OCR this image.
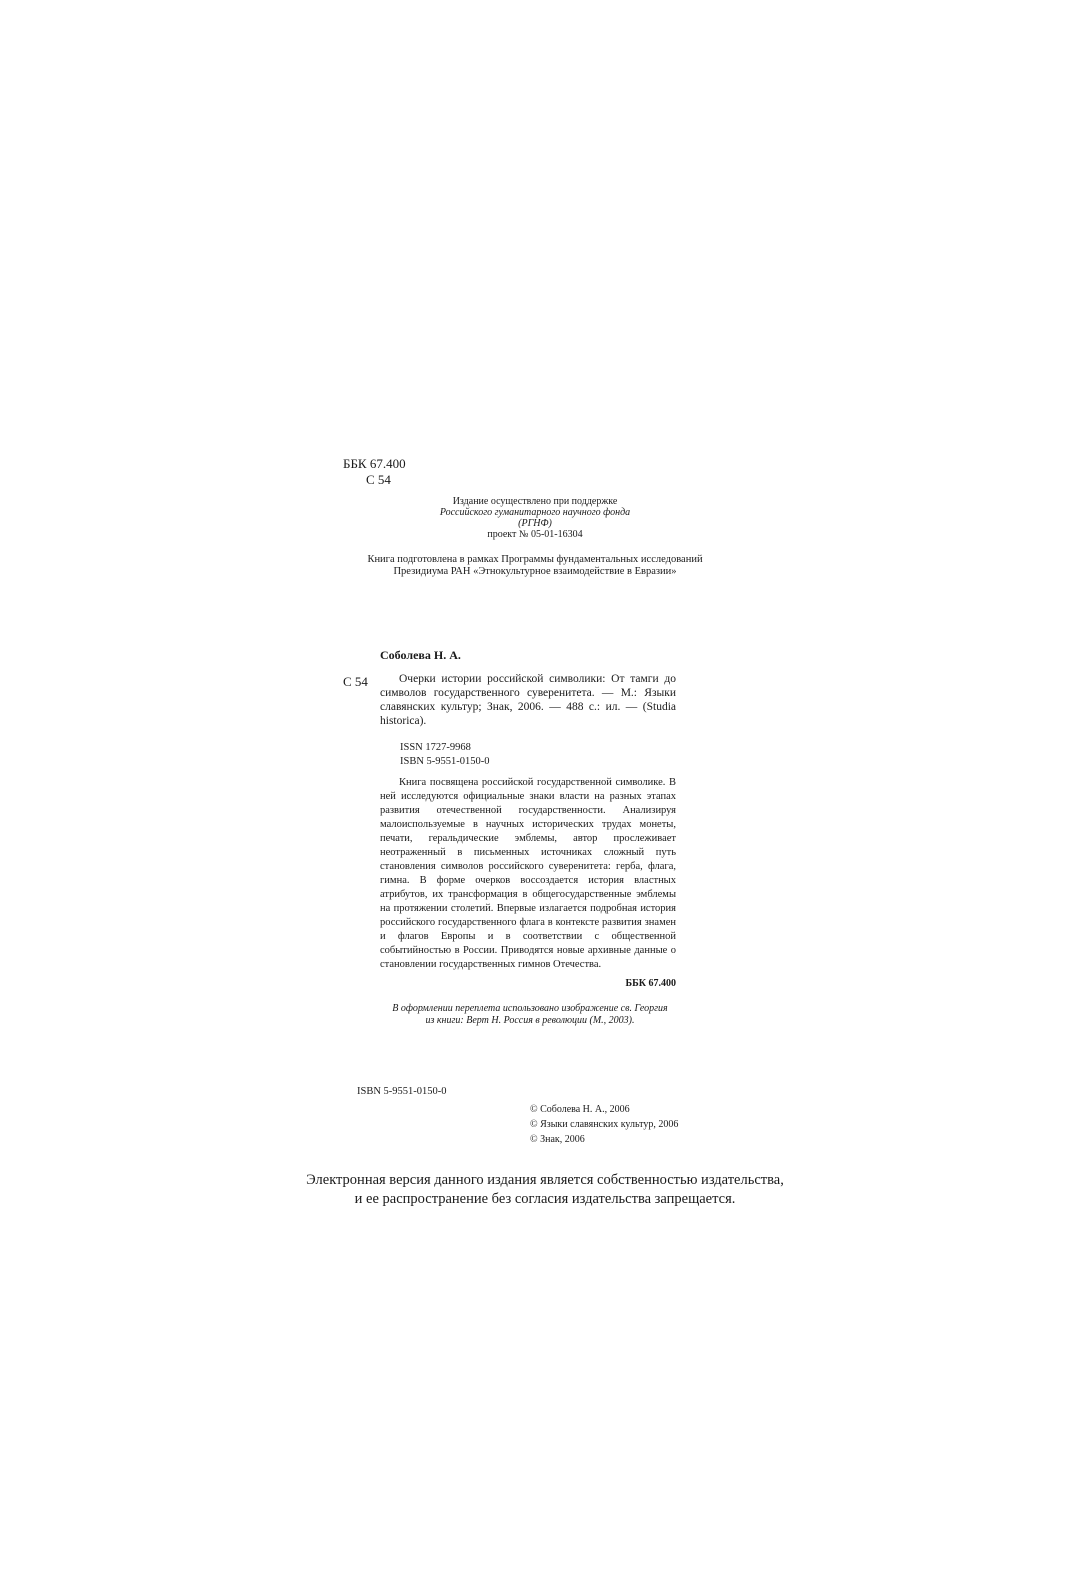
ББК 67.400
С 54
Издание осуществлено при поддержке
Российского гуманитарного научного фонда
(РГНФ)
проект № 05-01-16304
Книга подготовлена в рамках Программы фундаментальных исследований
Президиума РАН «Этнокультурное взаимодействие в Евразии»
Соболева Н. А.
С 54	Очерки истории российской символики: От тамги до символов государственного суверенитета. — М.: Языки славянских культур; Знак, 2006. — 488 с.: ил. — (Studia historica).

ISSN 1727-9968
ISBN 5-9551-0150-0

Книга посвящена российской государственной символике. В ней исследуются официальные знаки власти на разных этапах развития отечественной государственности. Анализируя малоиспользуемые в научных исторических трудах монеты, печати, геральдические эмблемы, автор прослеживает неотраженный в письменных источниках сложный путь становления символов российского суверенитета: герба, флага, гимна. В форме очерков воссоздается история властных атрибутов, их трансформация в общегосударственные эмблемы на протяжении столетий. Впервые излагается подробная история российского государственного флага в контексте развития знамен и флагов Европы и в соответствии с общественной событийностью в России. Приводятся новые архивные данные о становлении государственных гимнов Отечества.

ББК 67.400
В оформлении переплета использовано изображение св. Георгия
из книги: Верт Н. Россия в революции (М., 2003).
ISBN 5-9551-0150-0
© Соболева Н. А., 2006
© Языки славянских культур, 2006
© Знак, 2006
Электронная версия данного издания является собственностью издательства,
и ее распространение без согласия издательства запрещается.
